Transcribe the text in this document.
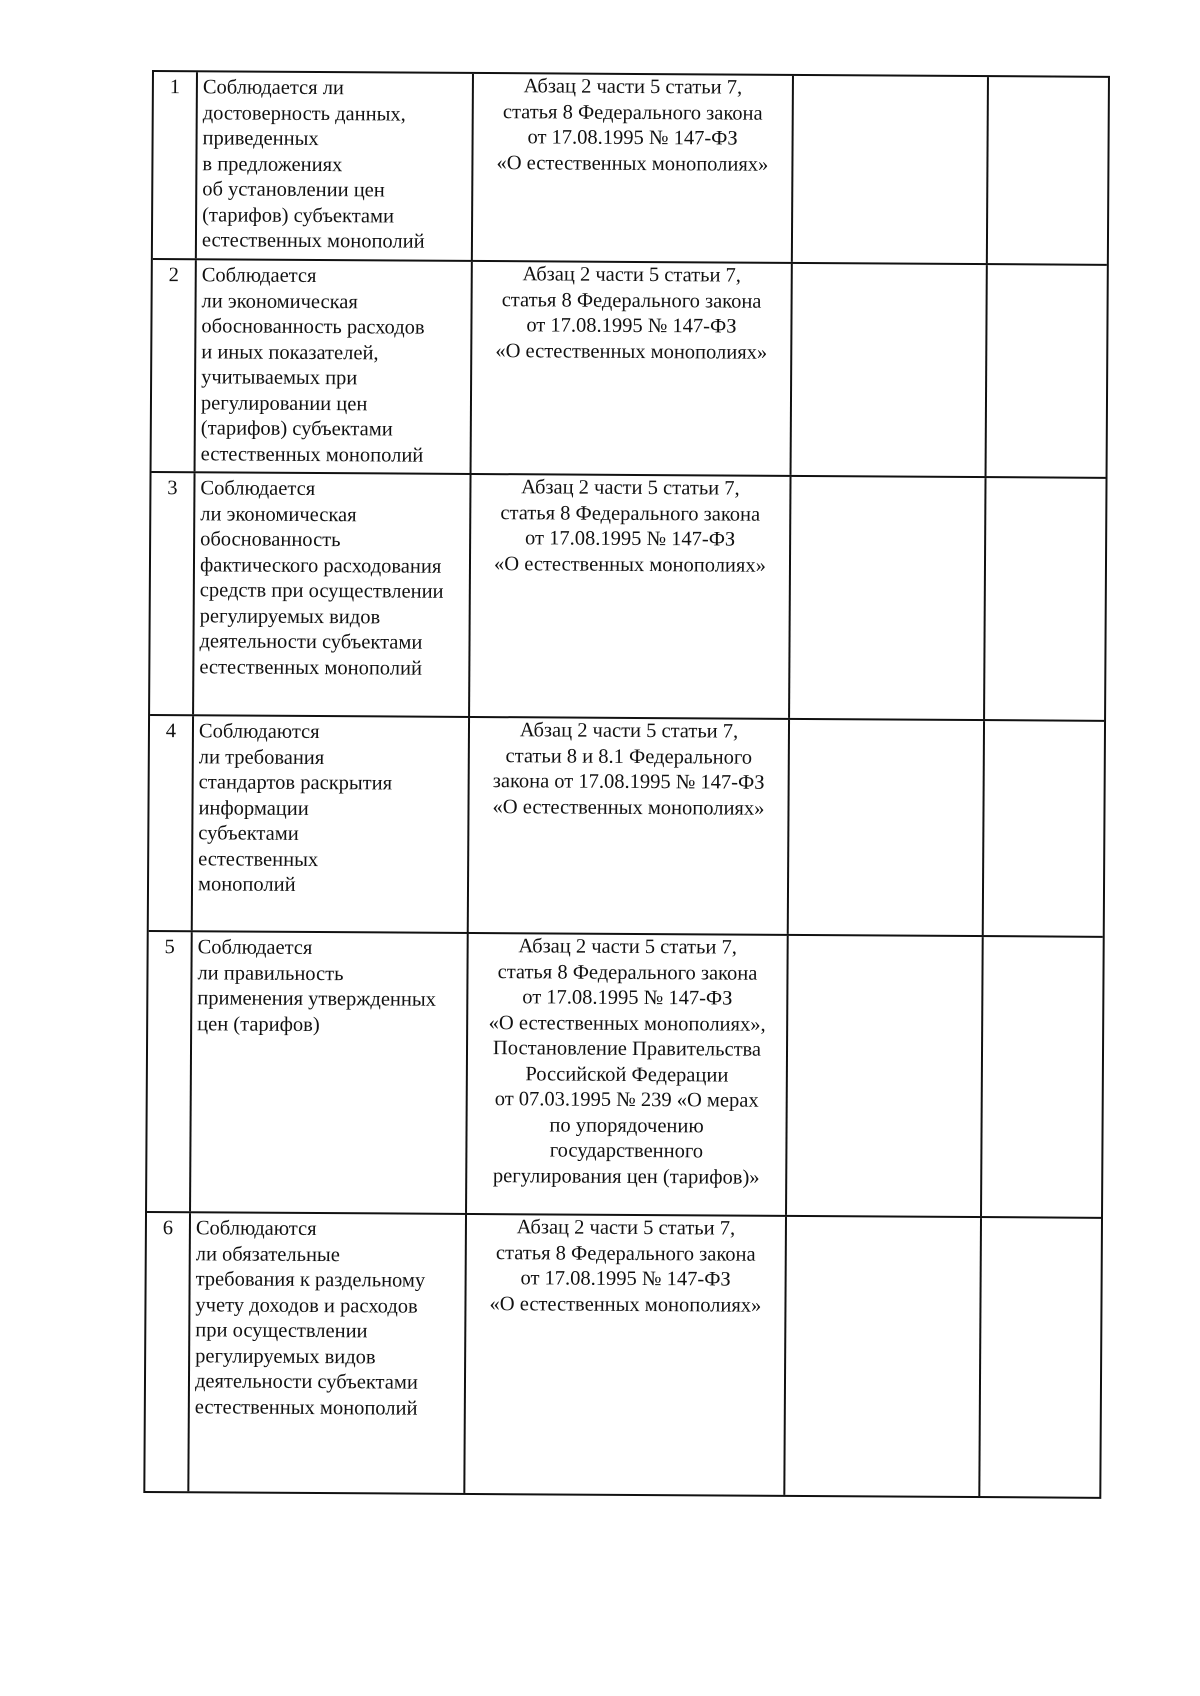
1	Соблюдается ли
достоверность данных,
приведенных
в предложениях
об установлении цен
(тарифов) субъектами
естественных монополий
Абзац 2 части 5 статьи 7,
статья 8 Федерального закона
от 17.08.1995 № 147-ФЗ
«О естественных монополиях»
2	Соблюдается
ли экономическая
обоснованность расходов
и иных показателей,
учитываемых при
регулировании цен
(тарифов) субъектами
естественных монополий
Абзац 2 части 5 статьи 7,
статья 8 Федерального закона
от 17.08.1995 № 147-ФЗ
«О естественных монополиях»
3	Соблюдается
ли экономическая
обоснованность
фактического расходования
средств при осуществлении
регулируемых видов
деятельности субъектами
естественных монополий
Абзац 2 части 5 статьи 7,
статья 8 Федерального закона
от 17.08.1995 № 147-ФЗ
«О естественных монополиях»
4	Соблюдаются
ли требования
стандартов раскрытия
информации
субъектами
естественных
монополий
Абзац 2 части 5 статьи 7,
статьи 8 и 8.1 Федерального
закона от 17.08.1995 № 147-ФЗ
«О естественных монополиях»
5	Соблюдается
ли правильность
применения утвержденных
цен (тарифов)
Абзац 2 части 5 статьи 7,
статья 8 Федерального закона
от 17.08.1995 № 147-ФЗ
«О естественных монополиях»,
Постановление Правительства
Российской Федерации
от 07.03.1995 № 239 «О мерах
по упорядочению
государственного
регулирования цен (тарифов)»
6	Соблюдаются
ли обязательные
требования к раздельному
учету доходов и расходов
при осуществлении
регулируемых видов
деятельности субъектами
естественных монополий
Абзац 2 части 5 статьи 7,
статья 8 Федерального закона
от 17.08.1995 № 147-ФЗ
«О естественных монополиях»
